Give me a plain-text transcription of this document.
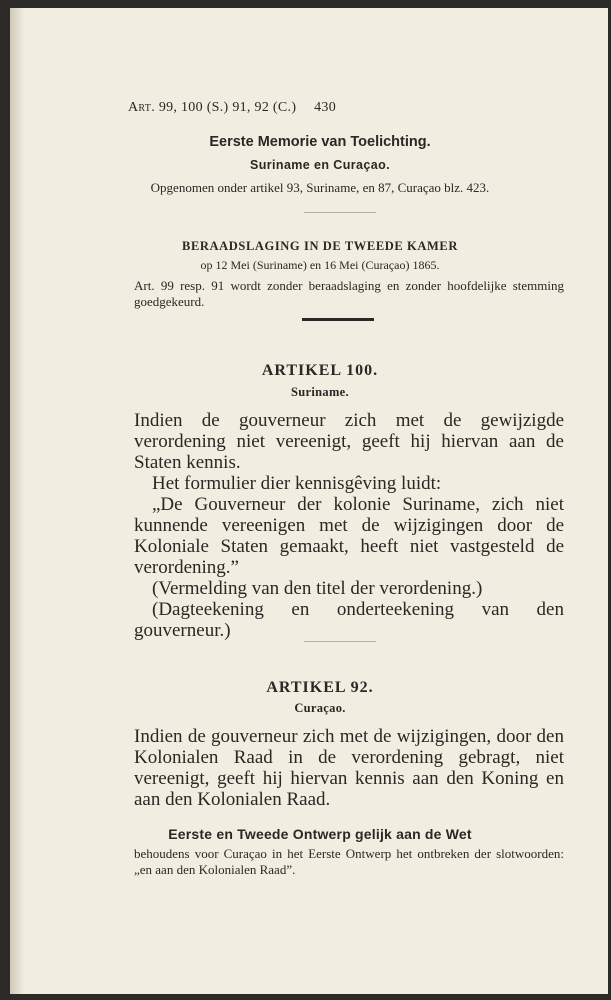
Art. 99, 100 (S.) 91, 92 (C.) 430
Eerste Memorie van Toelichting.
Suriname en Curaçao.
Opgenomen onder artikel 93, Suriname, en 87, Curaçao blz. 423.
BERAADSLAGING IN DE TWEEDE KAMER
op 12 Mei (Suriname) en 16 Mei (Curaçao) 1865.
Art. 99 resp. 91 wordt zonder beraadslaging en zonder hoofdelijke stemming goedgekeurd.
ARTIKEL 100.
Suriname.

Indien de gouverneur zich met de gewijzigde verordening niet vereenigt, geeft hij hiervan aan de Staten kennis.

Het formulier dier kennisgêving luidt:

„De Gouverneur der kolonie Suriname, zich niet kunnende vereenigen met de wijzigingen door de Koloniale Staten gemaakt, heeft niet vastgesteld de verordening.”

(Vermelding van den titel der verordening.)

(Dagteekening en onderteekening van den gouverneur.)

ARTIKEL 92.
Curaçao.

Indien de gouverneur zich met de wijzigingen, door den Kolonialen Raad in de verordening gebragt, niet vereenigt, geeft hij hiervan kennis aan den Koning en aan den Kolonialen Raad.

Eerste en Tweede Ontwerp gelijk aan de Wet
behoudens voor Curaçao in het Eerste Ontwerp het ontbreken der slotwoorden: „en aan den Kolonialen Raad”.
